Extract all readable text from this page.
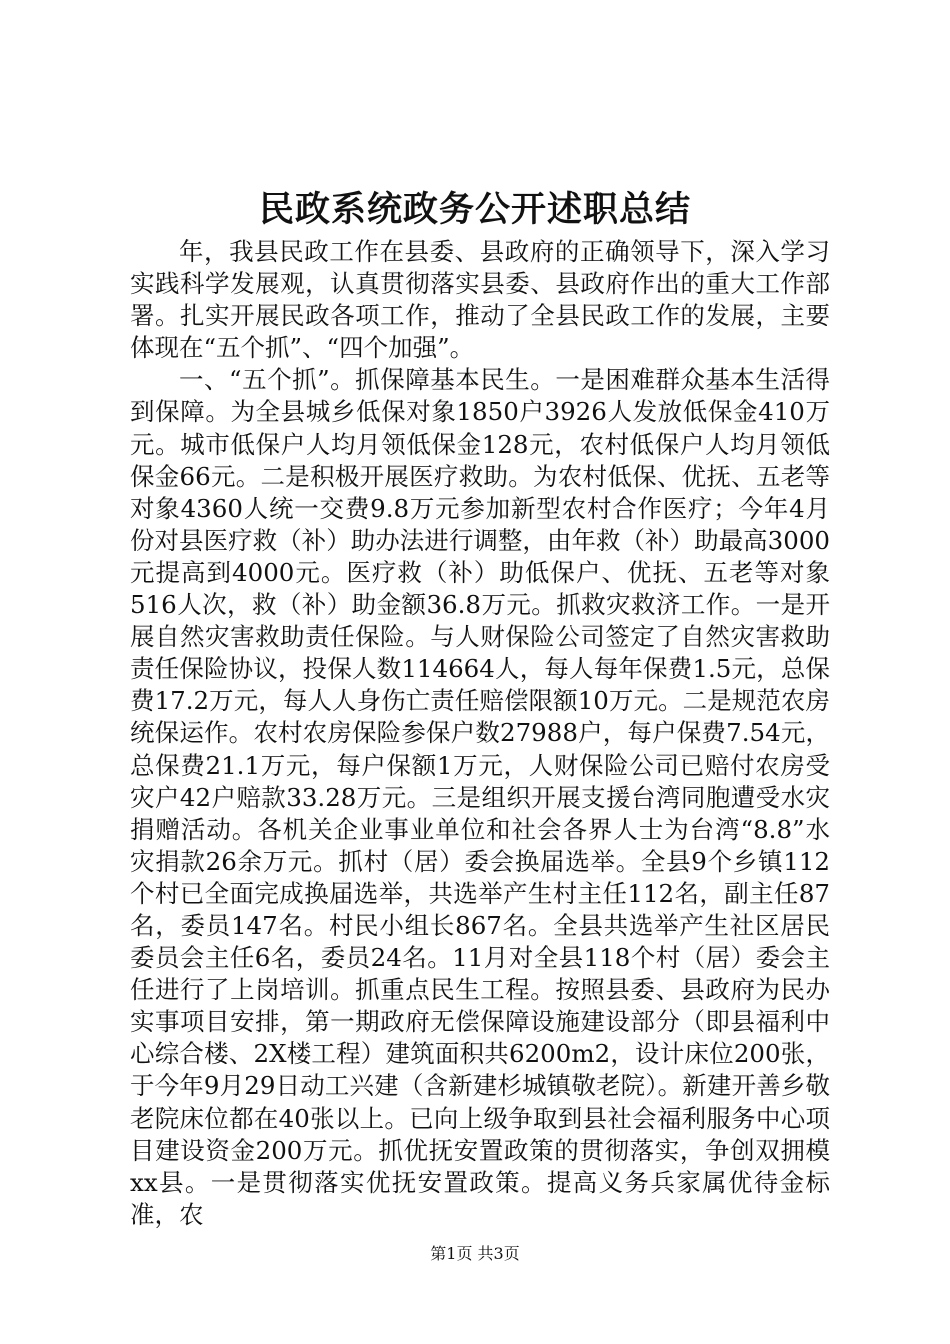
民政系统政务公开述职总结

年，我县民政工作在县委、县政府的正确领导下，深入学习实践科学发展观，认真贯彻落实县委、县政府作出的重大工作部署。扎实开展民政各项工作，推动了全县民政工作的发展，主要体现在“五个抓”、“四个加强”。

一、“五个抓”。抓保障基本民生。一是困难群众基本生活得到保障。为全县城乡低保对象1850户3926人发放低保金410万元。城市低保户人均月领低保金128元，农村低保户人均月领低保金66元。二是积极开展医疗救助。为农村低保、优抚、五老等对象4360人统一交费9.8万元参加新型农村合作医疗；今年4月份对县医疗救（补）助办法进行调整，由年救（补）助最高3000元提高到4000元。医疗救（补）助低保户、优抚、五老等对象516人次，救（补）助金额36.8万元。抓救灾救济工作。一是开展自然灾害救助责任保险。与人财保险公司签定了自然灾害救助责任保险协议，投保人数114664人，每人每年保费1.5元，总保费17.2万元，每人人身伤亡责任赔偿限额10万元。二是规范农房统保运作。农村农房保险参保户数27988户，每户保费7.54元，总保费21.1万元，每户保额1万元，人财保险公司已赔付农房受灾户42户赔款33.28万元。三是组织开展支援台湾同胞遭受水灾捐赠活动。各机关企业事业单位和社会各界人士为台湾“8.8”水灾捐款26余万元。抓村（居）委会换届选举。全县9个乡镇112个村已全面完成换届选举，共选举产生村主任112名，副主任87名，委员147名。村民小组长867名。全县共选举产生社区居民委员会主任6名，委员24名。11月对全县118个村（居）委会主任进行了上岗培训。抓重点民生工程。按照县委、县政府为民办实事项目安排，第一期政府无偿保障设施建设部分（即县福利中心综合楼、2X楼工程）建筑面积共6200m2，设计床位200张，于今年9月29日动工兴建（含新建杉城镇敬老院）。新建开善乡敬老院床位都在40张以上。已向上级争取到县社会福利服务中心项目建设资金200万元。抓优抚安置政策的贯彻落实，争创双拥模xx县。一是贯彻落实优抚安置政策。提高义务兵家属优待金标准，农

第1页 共3页
